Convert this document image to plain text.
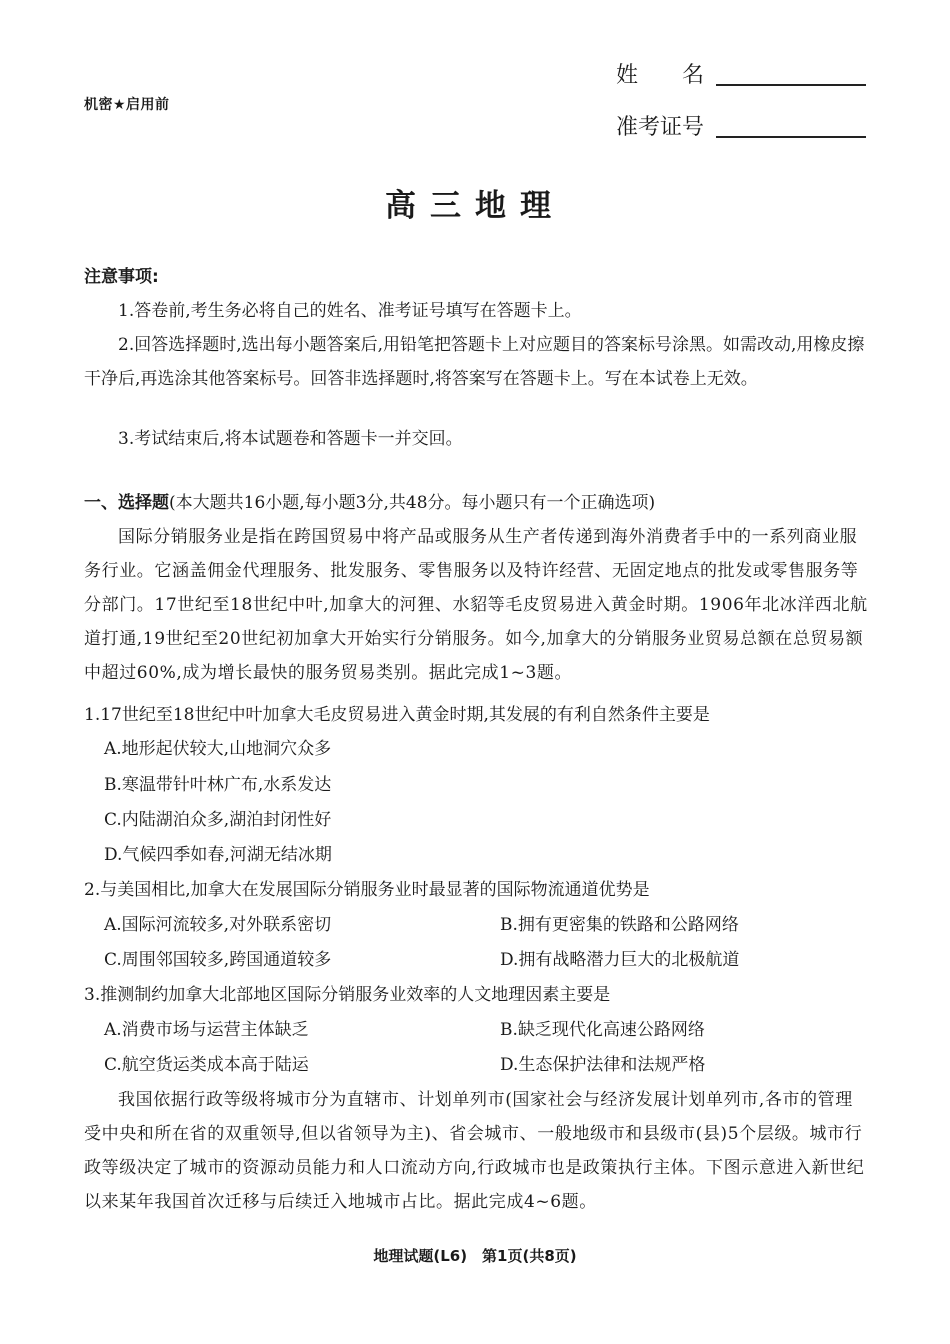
机密★启用前
姓　　名
准考证号
高三地理
注意事项:
1.答卷前,考生务必将自己的姓名、准考证号填写在答题卡上。
2.回答选择题时,选出每小题答案后,用铅笔把答题卡上对应题目的答案标号涂黑。如需改动,用橡皮擦干净后,再选涂其他答案标号。回答非选择题时,将答案写在答题卡上。写在本试卷上无效。
3.考试结束后,将本试题卷和答题卡一并交回。
一、选择题(本大题共16小题,每小题3分,共48分。每小题只有一个正确选项)
国际分销服务业是指在跨国贸易中将产品或服务从生产者传递到海外消费者手中的一系列商业服务行业。它涵盖佣金代理服务、批发服务、零售服务以及特许经营、无固定地点的批发或零售服务等分部门。17世纪至18世纪中叶,加拿大的河狸、水貂等毛皮贸易进入黄金时期。1906年北冰洋西北航道打通,19世纪至20世纪初加拿大开始实行分销服务。如今,加拿大的分销服务业贸易总额在总贸易额中超过60%,成为增长最快的服务贸易类别。据此完成1~3题。
1.17世纪至18世纪中叶加拿大毛皮贸易进入黄金时期,其发展的有利自然条件主要是
A.地形起伏较大,山地洞穴众多
B.寒温带针叶林广布,水系发达
C.内陆湖泊众多,湖泊封闭性好
D.气候四季如春,河湖无结冰期
2.与美国相比,加拿大在发展国际分销服务业时最显著的国际物流通道优势是
A.国际河流较多,对外联系密切	B.拥有更密集的铁路和公路网络
C.周围邻国较多,跨国通道较多	D.拥有战略潜力巨大的北极航道
3.推测制约加拿大北部地区国际分销服务业效率的人文地理因素主要是
A.消费市场与运营主体缺乏	B.缺乏现代化高速公路网络
C.航空货运类成本高于陆运	D.生态保护法律和法规严格
我国依据行政等级将城市分为直辖市、计划单列市(国家社会与经济发展计划单列市,各市的管理受中央和所在省的双重领导,但以省领导为主)、省会城市、一般地级市和县级市(县)5个层级。城市行政等级决定了城市的资源动员能力和人口流动方向,行政城市也是政策执行主体。下图示意进入新世纪以来某年我国首次迁移与后续迁入地城市占比。据此完成4~6题。
地理试题(L6)　第1页(共8页)
